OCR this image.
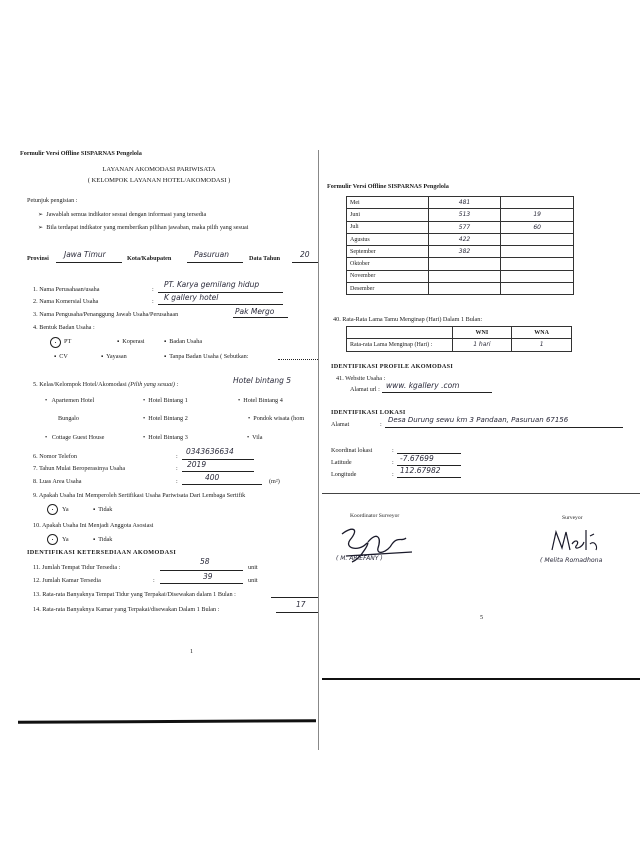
Formulir Versi Offline SISPARNAS Pengelola
LAYANAN AKOMODASI PARIWISATA
( KELOMPOK LAYANAN HOTEL/AKOMODASI )
Petunjuk pengisian :
➢  Jawablah semua indikator sesuai dengan informasi yang tersedia
➢  Bila terdapat indikator yang memberikan pilihan jawaban, maka pilih yang sesuai
Provinsi Jawa Timur	Kota/Kabupaten	Pasuruan	Data Tahun	20
1. Nama Perusahaan/usaha	:
PT. Karya gemilang hidup
2. Nama Komersial Usaha	: K gallery hotel
3. Nama Pengusaha/Penanggung Jawab Usaha/Perusahaan	Pak Mergo
4. Bentuk Badan Usaha :
•	PT	▪  Koperasi	▪  Badan Usaha
▪  CV	▪  Yayasan	▪  Tanpa Badan Usaha ( Sebutkan:
5. Kelas/Kelompok Hotel/Akomodasi (Pilih yang sesuai) :	Hotel bintang 5
•   Apartemen Hotel	•  Hotel Bintang 1	•  Hotel Bintang 4
Bungalo	•  Hotel Bintang 2	•  Pondok wisata (hom
•   Cottage Guest House	•  Hotel Bintang 3	•  Vila
6. Nomor Telefon	:
0343636634
7. Tahun Mulai Beroperasinya Usaha	: 2019
8. Luas Area Usaha	:	400	(m²)
9. Apakah Usaha Ini Memperoleh Sertifikasi Usaha Pariwisata Dari Lembaga Sertifik
•	Ya	▪  Tidak
10. Apakah Usaha Ini Menjadi Anggota Asosiasi
•	Ya	▪  Tidak
IDENTIFIKASI KETERSEDIAAN AKOMODASI
11. Jumlah Tempat Tidur Tersedia :
58
unit
12. Jumlah Kamar Tersedia	:	39	unit
13. Rata-rata Banyaknya Tempat Tidur yang Terpakai/Disewakan dalam 1 Bulan :
14. Rata-rata Banyaknya Kamar yang Terpakai/disewakan Dalam 1 Bulan :
17
1
Formulir Versi Offline SISPARNAS Pengelola
Mei	481	
Juni	513	19
Juli	577	60
Agustus	422	
September	382	
Oktober		
November		
Desember		
40. Rata-Rata Lama Tamu Menginap (Hari) Dalam 1 Bulan:
	WNI	WNA
Rata-rata Lama Menginap (Hari) :	1 hari	1
IDENTIFIKASI PROFILE AKOMODASI
41. Website Usaha :
Alamat url : www. kgallery .com
IDENTIFIKASI LOKASI
Alamat	:
Desa Durung sewu km 3 Pandaan, Pasuruan 67156
Koordinat lokasi	:
Latitude	: -7.67699
Longitude	: 112.67982
Koordinator Surveyor
( M. ARIEFANY )
Surveyor
( Melita Romadhona
5
